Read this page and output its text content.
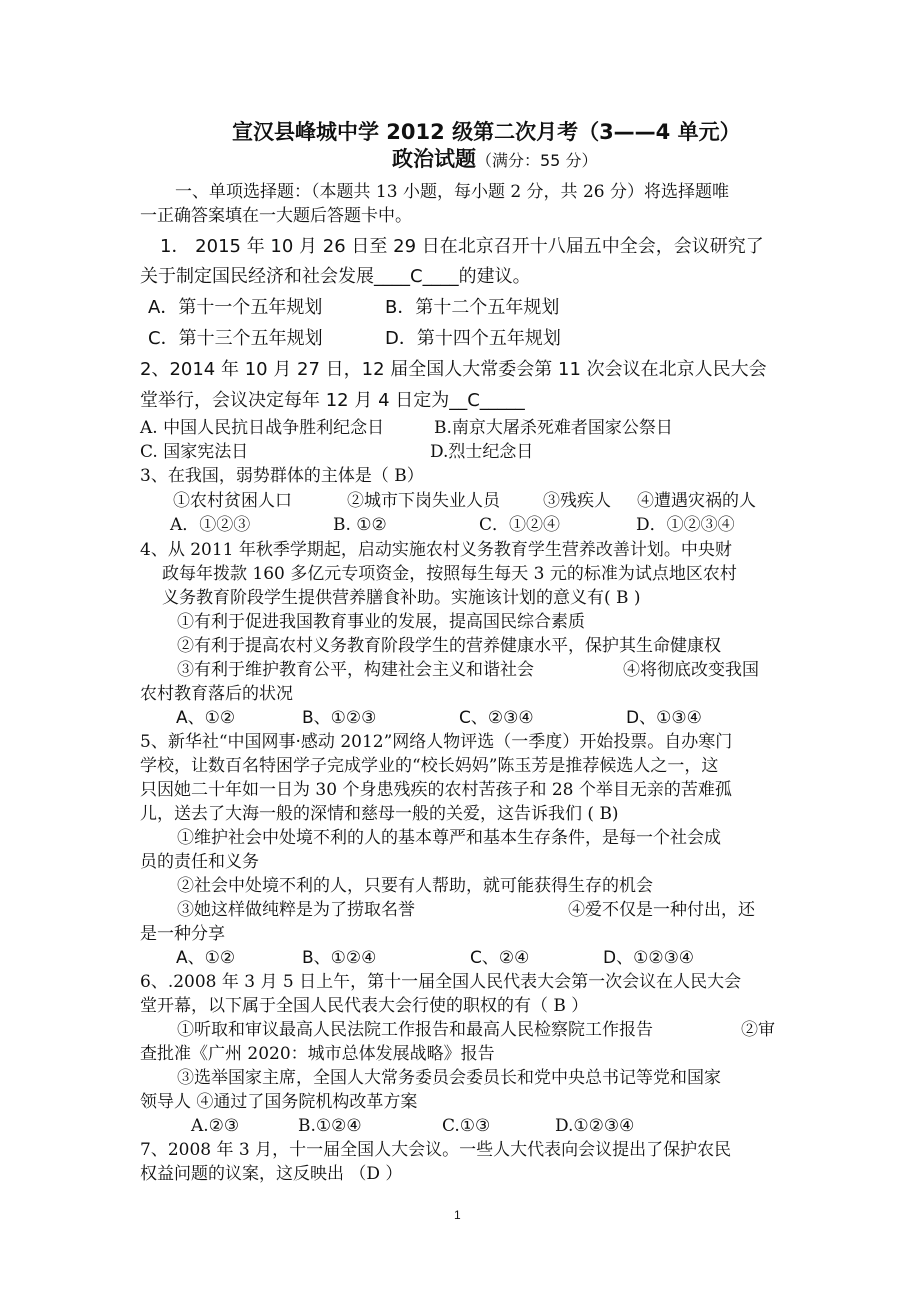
宣汉县峰城中学 2012 级第二次月考（3——4 单元）
政治试题（满分：55 分）
一、单项选择题：（本题共 13 小题，每小题 2 分，共 26 分）将选择题唯
一正确答案填在一大题后答题卡中。
1． 2015 年 10 月 26 日至 29 日在北京召开十八届五中全会，会议研究了
关于制定国民经济和社会发展____C____的建议。
A．第十一个五年规划	B．第十二个五年规划
C．第十三个五年规划	D．第十四个五年规划
2、2014 年 10 月 27 日，12 届全国人大常委会第 11 次会议在北京人民大会
堂举行，会议决定每年 12 月 4 日定为__C_____
A. 中国人民抗日战争胜利纪念日	B.南京大屠杀死难者国家公祭日
C. 国家宪法日	D.烈士纪念日
3、在我国，弱势群体的主体是（ B）
①农村贫困人口	②城市下岗失业人员	③残疾人 ④遭遇灾祸的人
A．①②③	B. ①②	C．①②④	D．①②③④
4、从 2011 年秋季学期起，启动实施农村义务教育学生营养改善计划。中央财
政每年拨款 160 多亿元专项资金，按照每生每天 3 元的标准为试点地区农村
义务教育阶段学生提供营养膳食补助。实施该计划的意义有( B )
①有利于促进我国教育事业的发展，提高国民综合素质
②有利于提高农村义务教育阶段学生的营养健康水平，保护其生命健康权
③有利于维护教育公平，构建社会主义和谐社会	④将彻底改变我国
农村教育落后的状况
A、①②	B、①②③	C、②③④	D、①③④
5、新华社“中国网事·感动 2012”网络人物评选（一季度）开始投票。自办寒门
学校，让数百名特困学子完成学业的“校长妈妈”陈玉芳是推荐候选人之一，这
只因她二十年如一日为 30 个身患残疾的农村苦孩子和 28 个举目无亲的苦难孤
儿，送去了大海一般的深情和慈母一般的关爱，这告诉我们 ( B)
①维护社会中处境不利的人的基本尊严和基本生存条件，是每一个社会成
员的责任和义务
②社会中处境不利的人，只要有人帮助，就可能获得生存的机会
③她这样做纯粹是为了捞取名誉	④爱不仅是一种付出，还
是一种分享
A、①②	B、①②④	C、②④	D、①②③④
6、.2008 年 3 月 5 日上午，第十一届全国人民代表大会第一次会议在人民大会
堂开幕，以下属于全国人民代表大会行使的职权的有（ B ）
①听取和审议最高人民法院工作报告和最高人民检察院工作报告	②审
查批准《广州 2020：城市总体发展战略》报告
③选举国家主席，全国人大常务委员会委员长和党中央总书记等党和国家
领导人 ④通过了国务院机构改革方案
A.②③	B.①②④	C.①③	D.①②③④
7、2008 年 3 月，十一届全国人大会议。一些人大代表向会议提出了保护农民
权益问题的议案，这反映出 （D ）
1
